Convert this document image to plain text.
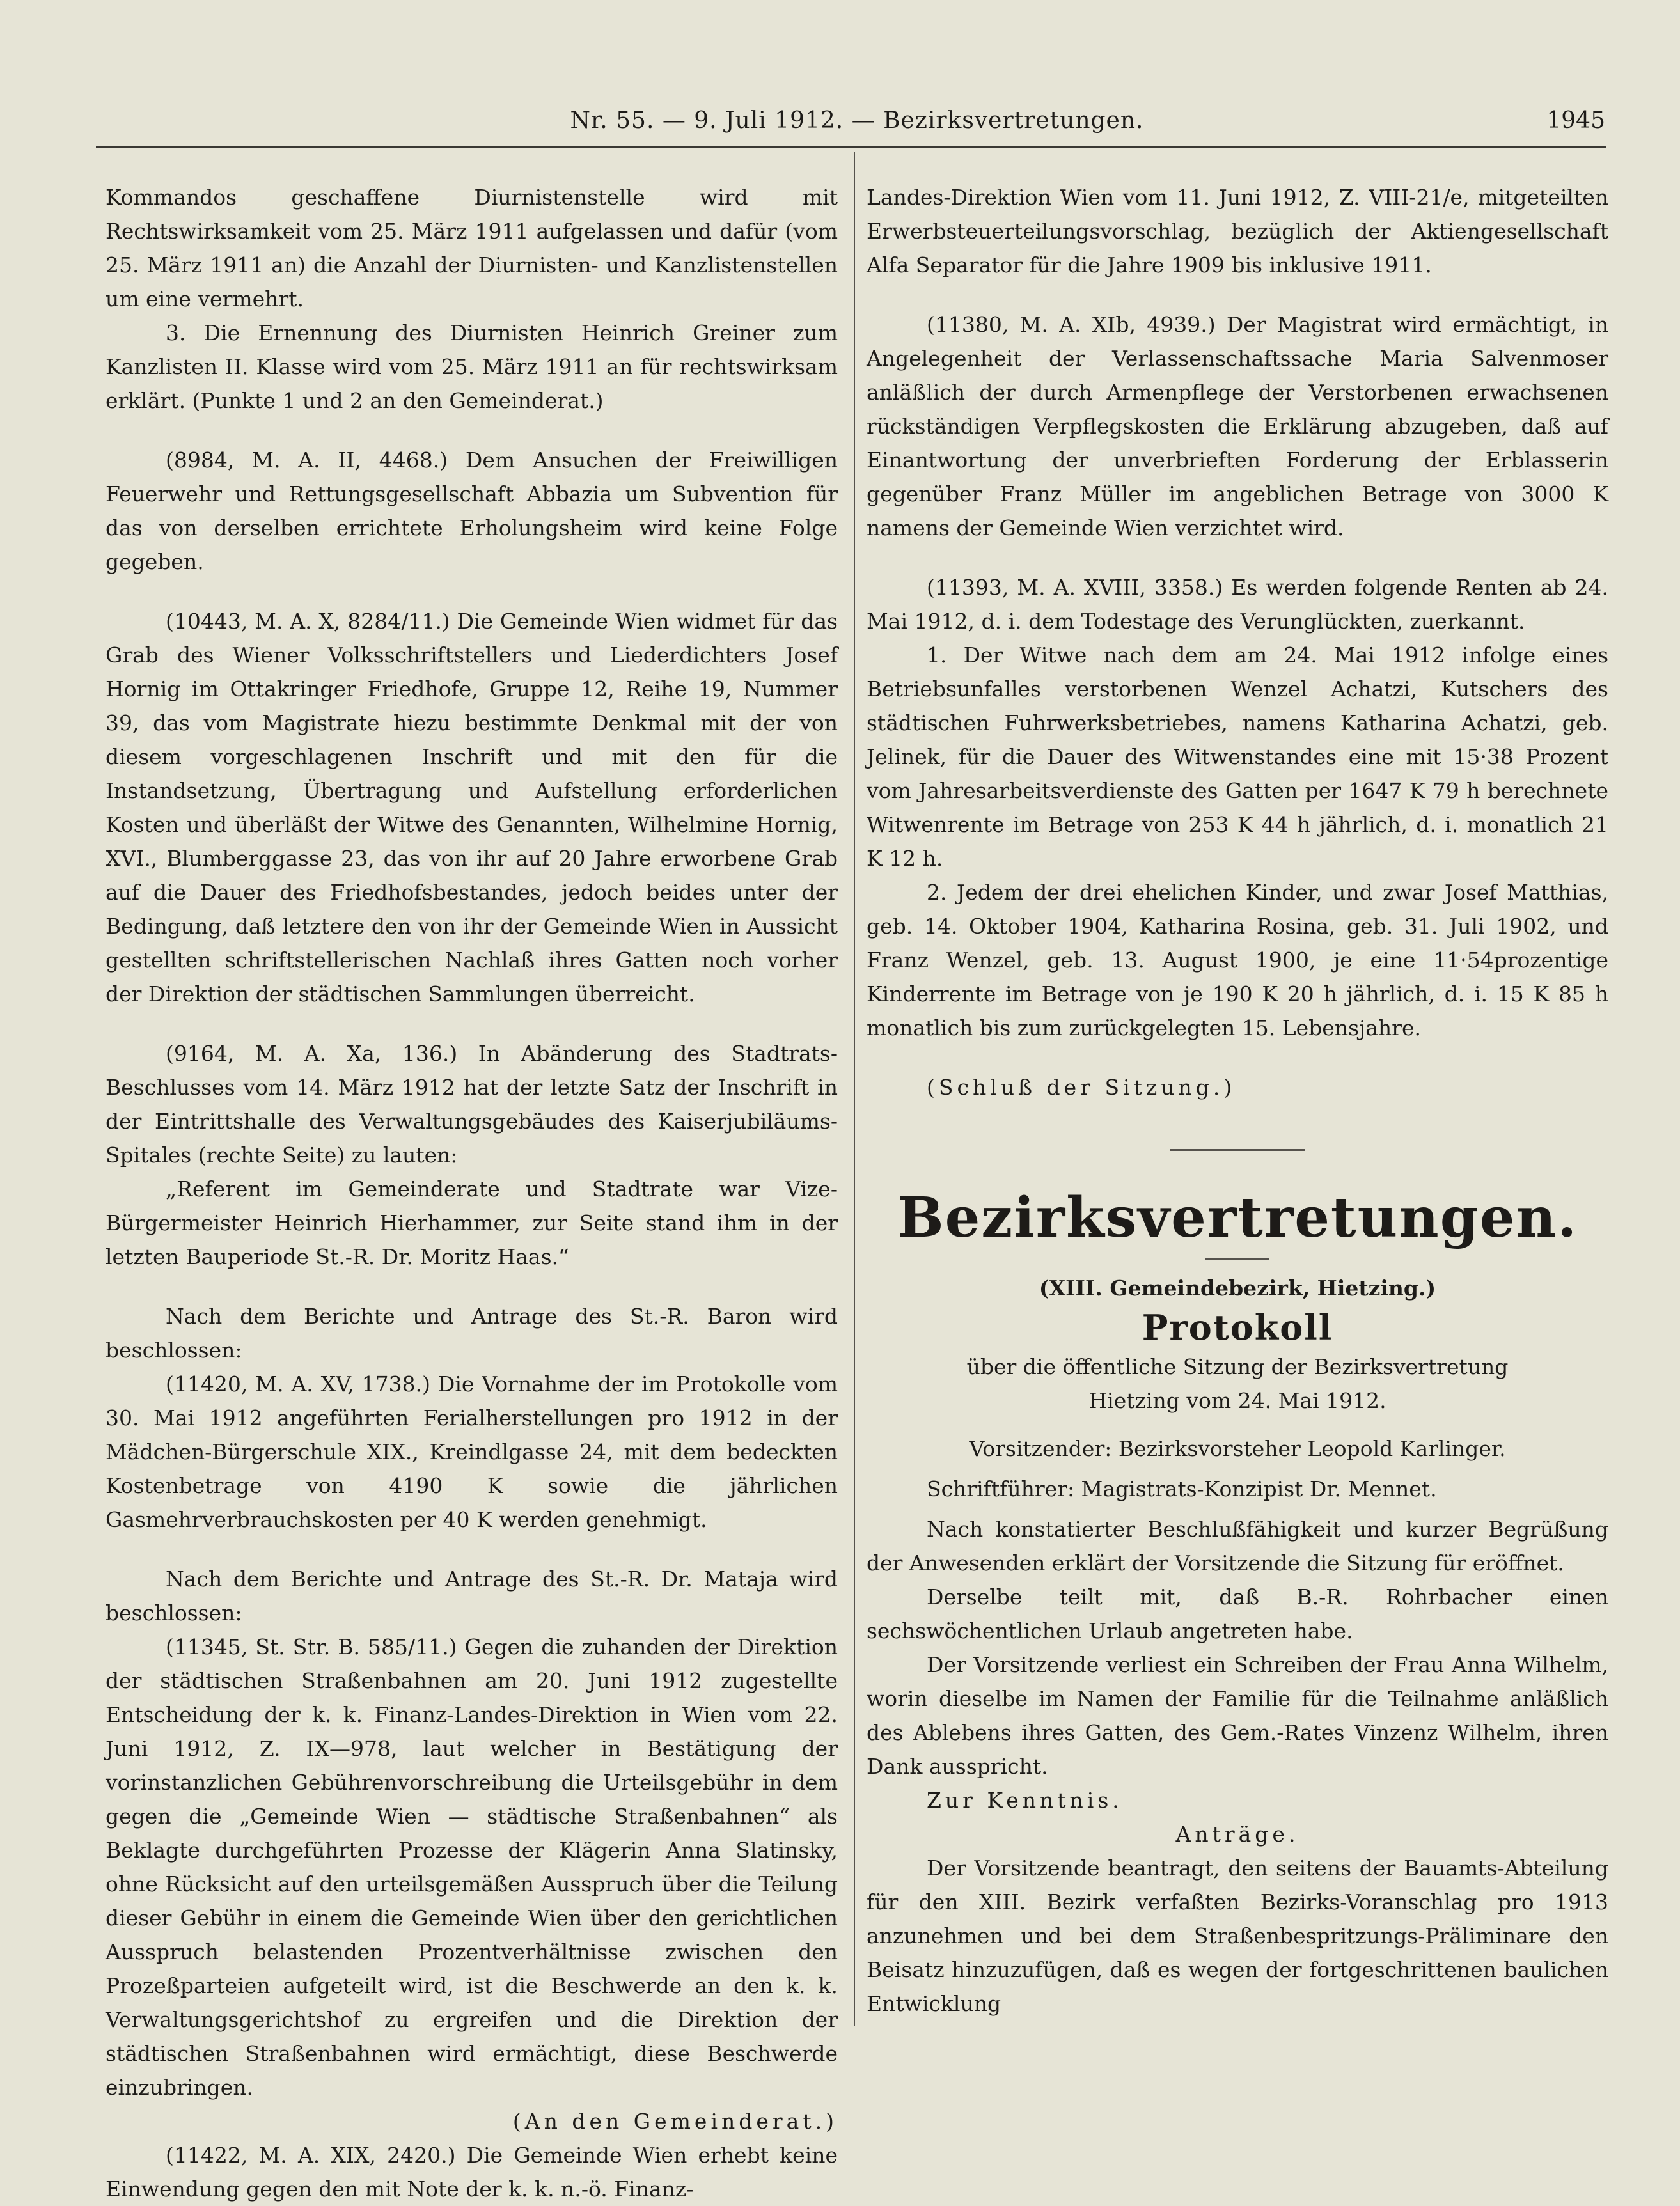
Nr. 55. — 9. Juli 1912. — Bezirksvertretungen.	1945

Kommandos geschaffene Diurnistenstelle wird mit Rechtswirksamkeit vom 25. März 1911 aufgelassen und dafür (vom 25. März 1911 an) die Anzahl der Diurnisten- und Kanzlistenstellen um eine vermehrt.

3. Die Ernennung des Diurnisten Heinrich Greiner zum Kanzlisten II. Klasse wird vom 25. März 1911 an für rechtswirksam erklärt. (Punkte 1 und 2 an den Gemeinderat.)

(8984, M. A. II, 4468.) Dem Ansuchen der Freiwilligen Feuerwehr und Rettungsgesellschaft Abbazia um Subvention für das von derselben errichtete Erholungsheim wird keine Folge gegeben.

(10443, M. A. X, 8284/11.) Die Gemeinde Wien widmet für das Grab des Wiener Volksschriftstellers und Liederdichters Josef Hornig im Ottakringer Friedhofe, Gruppe 12, Reihe 19, Nummer 39, das vom Magistrate hiezu bestimmte Denkmal mit der von diesem vorgeschlagenen Inschrift und mit den für die Instandsetzung, Übertragung und Aufstellung erforderlichen Kosten und überläßt der Witwe des Genannten, Wilhelmine Hornig, XVI., Blumberggasse 23, das von ihr auf 20 Jahre erworbene Grab auf die Dauer des Friedhofsbestandes, jedoch beides unter der Bedingung, daß letztere den von ihr der Gemeinde Wien in Aussicht gestellten schriftstellerischen Nachlaß ihres Gatten noch vorher der Direktion der städtischen Sammlungen überreicht.

(9164, M. A. Xa, 136.) In Abänderung des Stadtrats-Beschlusses vom 14. März 1912 hat der letzte Satz der Inschrift in der Eintrittshalle des Verwaltungsgebäudes des Kaiserjubiläums-Spitales (rechte Seite) zu lauten:

„Referent im Gemeinderate und Stadtrate war Vize-Bürgermeister Heinrich Hierhammer, zur Seite stand ihm in der letzten Bauperiode St.-R. Dr. Moritz Haas.“

Nach dem Berichte und Antrage des St.-R. Baron wird beschlossen:

(11420, M. A. XV, 1738.) Die Vornahme der im Protokolle vom 30. Mai 1912 angeführten Ferialherstellungen pro 1912 in der Mädchen-Bürgerschule XIX., Kreindlgasse 24, mit dem bedeckten Kostenbetrage von 4190 K sowie die jährlichen Gasmehrverbrauchskosten per 40 K werden genehmigt.

Nach dem Berichte und Antrage des St.-R. Dr. Mataja wird beschlossen:

(11345, St. Str. B. 585/11.) Gegen die zuhanden der Direktion der städtischen Straßenbahnen am 20. Juni 1912 zugestellte Entscheidung der k. k. Finanz-Landes-Direktion in Wien vom 22. Juni 1912, Z. IX—978, laut welcher in Bestätigung der vorinstanzlichen Gebührenvorschreibung die Urteilsgebühr in dem gegen die „Gemeinde Wien — städtische Straßenbahnen“ als Beklagte durchgeführten Prozesse der Klägerin Anna Slatinsky, ohne Rücksicht auf den urteilsgemäßen Ausspruch über die Teilung dieser Gebühr in einem die Gemeinde Wien über den gerichtlichen Ausspruch belastenden Prozentverhältnisse zwischen den Prozeßparteien aufgeteilt wird, ist die Beschwerde an den k. k. Verwaltungsgerichtshof zu ergreifen und die Direktion der städtischen Straßenbahnen wird ermächtigt, diese Beschwerde einzubringen.

(An den Gemeinderat.)

(11422, M. A. XIX, 2420.) Die Gemeinde Wien erhebt keine Einwendung gegen den mit Note der k. k. n.-ö. Finanz-

Landes-Direktion Wien vom 11. Juni 1912, Z. VIII-21/e, mitgeteilten Erwerbsteuerteilungsvorschlag, bezüglich der Aktiengesellschaft Alfa Separator für die Jahre 1909 bis inklusive 1911.

(11380, M. A. XIb, 4939.) Der Magistrat wird ermächtigt, in Angelegenheit der Verlassenschaftssache Maria Salvenmoser anläßlich der durch Armenpflege der Verstorbenen erwachsenen rückständigen Verpflegskosten die Erklärung abzugeben, daß auf Einantwortung der unverbrieften Forderung der Erblasserin gegenüber Franz Müller im angeblichen Betrage von 3000 K namens der Gemeinde Wien verzichtet wird.

(11393, M. A. XVIII, 3358.) Es werden folgende Renten ab 24. Mai 1912, d. i. dem Todestage des Verunglückten, zuerkannt.

1. Der Witwe nach dem am 24. Mai 1912 infolge eines Betriebsunfalles verstorbenen Wenzel Achatzi, Kutschers des städtischen Fuhrwerksbetriebes, namens Katharina Achatzi, geb. Jelinek, für die Dauer des Witwenstandes eine mit 15·38 Prozent vom Jahresarbeitsverdienste des Gatten per 1647 K 79 h berechnete Witwenrente im Betrage von 253 K 44 h jährlich, d. i. monatlich 21 K 12 h.

2. Jedem der drei ehelichen Kinder, und zwar Josef Matthias, geb. 14. Oktober 1904, Katharina Rosina, geb. 31. Juli 1902, und Franz Wenzel, geb. 13. August 1900, je eine 11·54prozentige Kinderrente im Betrage von je 190 K 20 h jährlich, d. i. 15 K 85 h monatlich bis zum zurückgelegten 15. Lebensjahre.

(Schluß der Sitzung.)

Bezirksvertretungen.

(XIII. Gemeindebezirk, Hietzing.)

Protokoll

über die öffentliche Sitzung der Bezirksvertretung

Hietzing vom 24. Mai 1912.

Vorsitzender: Bezirksvorsteher Leopold Karlinger.

Schriftführer: Magistrats-Konzipist Dr. Mennet.

Nach konstatierter Beschlußfähigkeit und kurzer Begrüßung der Anwesenden erklärt der Vorsitzende die Sitzung für eröffnet.

Derselbe teilt mit, daß B.-R. Rohrbacher einen sechswöchentlichen Urlaub angetreten habe.

Der Vorsitzende verliest ein Schreiben der Frau Anna Wilhelm, worin dieselbe im Namen der Familie für die Teilnahme anläßlich des Ablebens ihres Gatten, des Gem.-Rates Vinzenz Wilhelm, ihren Dank ausspricht.

Zur Kenntnis.

Anträge.

Der Vorsitzende beantragt, den seitens der Bauamts-Abteilung für den XIII. Bezirk verfaßten Bezirks-Voranschlag pro 1913 anzunehmen und bei dem Straßenbespritzungs-Präliminare den Beisatz hinzuzufügen, daß es wegen der fortgeschrittenen baulichen Entwicklung
